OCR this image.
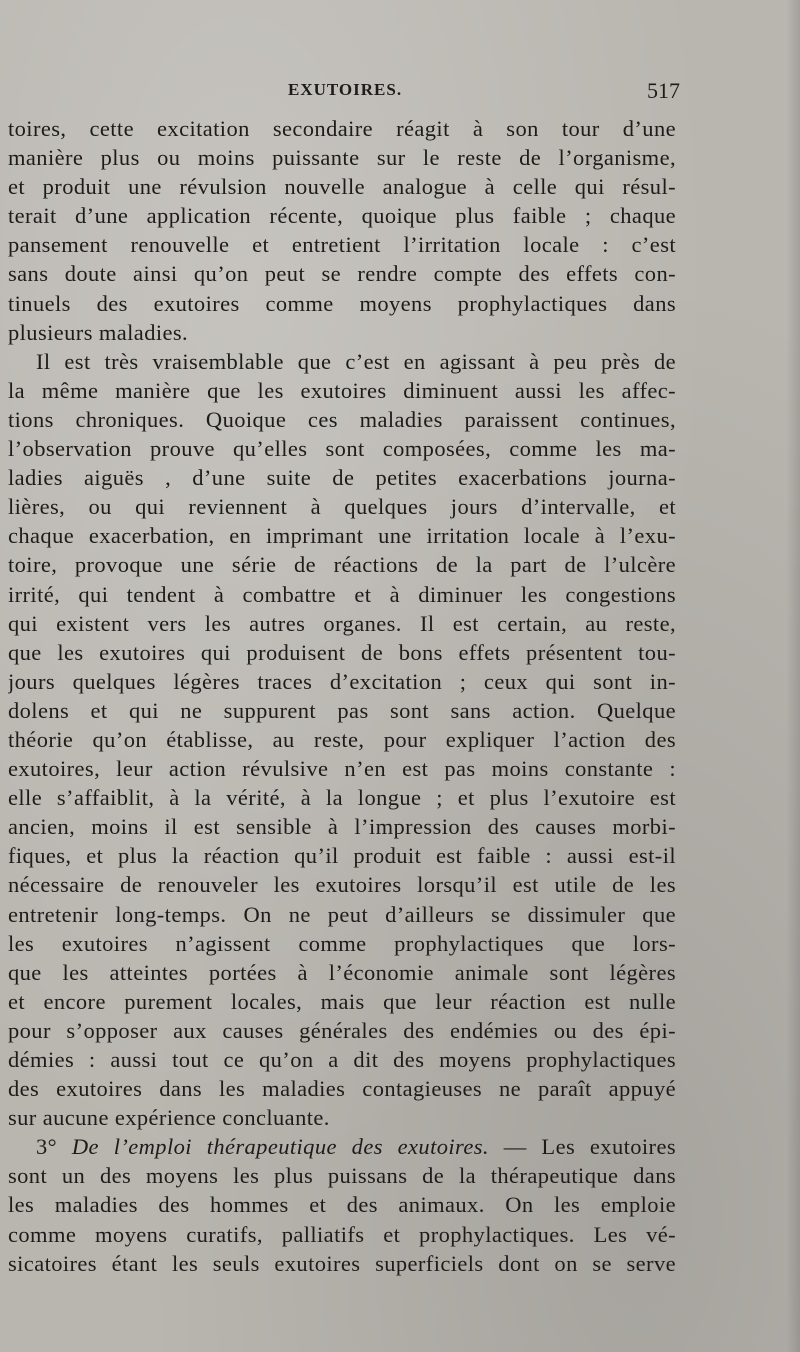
EXUTOIRES.	517
toires, cette excitation secondaire réagit à son tour d’une
manière plus ou moins puissante sur le reste de l’organisme,
et produit une révulsion nouvelle analogue à celle qui résul-
terait d’une application récente, quoique plus faible ; chaque
pansement renouvelle et entretient l’irritation locale : c’est
sans doute ainsi qu’on peut se rendre compte des effets con-
tinuels des exutoires comme moyens prophylactiques dans
plusieurs maladies.
Il est très vraisemblable que c’est en agissant à peu près de
la même manière que les exutoires diminuent aussi les affec-
tions chroniques. Quoique ces maladies paraissent continues,
l’observation prouve qu’elles sont composées, comme les ma-
ladies aiguës , d’une suite de petites exacerbations journa-
lières, ou qui reviennent à quelques jours d’intervalle, et
chaque exacerbation, en imprimant une irritation locale à l’exu-
toire, provoque une série de réactions de la part de l’ulcère
irrité, qui tendent à combattre et à diminuer les congestions
qui existent vers les autres organes. Il est certain, au reste,
que les exutoires qui produisent de bons effets présentent tou-
jours quelques légères traces d’excitation ; ceux qui sont in-
dolens et qui ne suppurent pas sont sans action. Quelque
théorie qu’on établisse, au reste, pour expliquer l’action des
exutoires, leur action révulsive n’en est pas moins constante :
elle s’affaiblit, à la vérité, à la longue ; et plus l’exutoire est
ancien, moins il est sensible à l’impression des causes morbi-
fiques, et plus la réaction qu’il produit est faible : aussi est-il
nécessaire de renouveler les exutoires lorsqu’il est utile de les
entretenir long-temps. On ne peut d’ailleurs se dissimuler que
les exutoires n’agissent comme prophylactiques que lors-
que les atteintes portées à l’économie animale sont légères
et encore purement locales, mais que leur réaction est nulle
pour s’opposer aux causes générales des endémies ou des épi-
démies : aussi tout ce qu’on a dit des moyens prophylactiques
des exutoires dans les maladies contagieuses ne paraît appuyé
sur aucune expérience concluante.
3° De l’emploi thérapeutique des exutoires. — Les exutoires
sont un des moyens les plus puissans de la thérapeutique dans
les maladies des hommes et des animaux. On les emploie
comme moyens curatifs, palliatifs et prophylactiques. Les vé-
sicatoires étant les seuls exutoires superficiels dont on se serve
